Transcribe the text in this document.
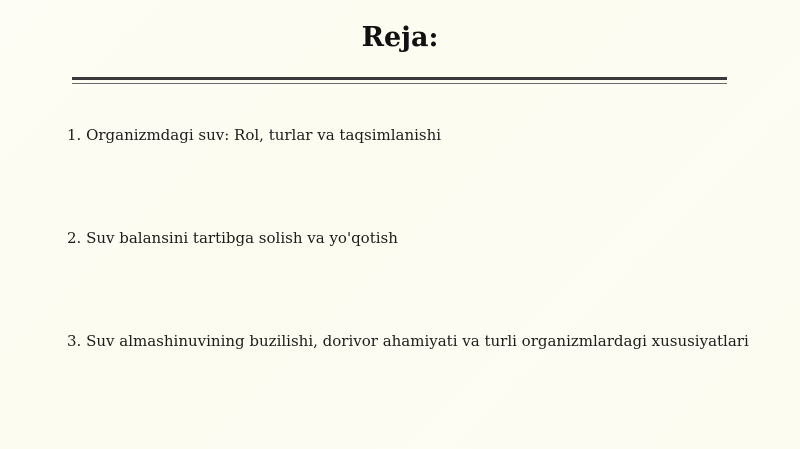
Reja:
1. Organizmdagi suv: Rol, turlar va taqsimlanishi
2. Suv balansini tartibga solish va yo'qotish
3. Suv almashinuvining buzilishi, dorivor ahamiyati va turli organizmlardagi xususiyatlari
